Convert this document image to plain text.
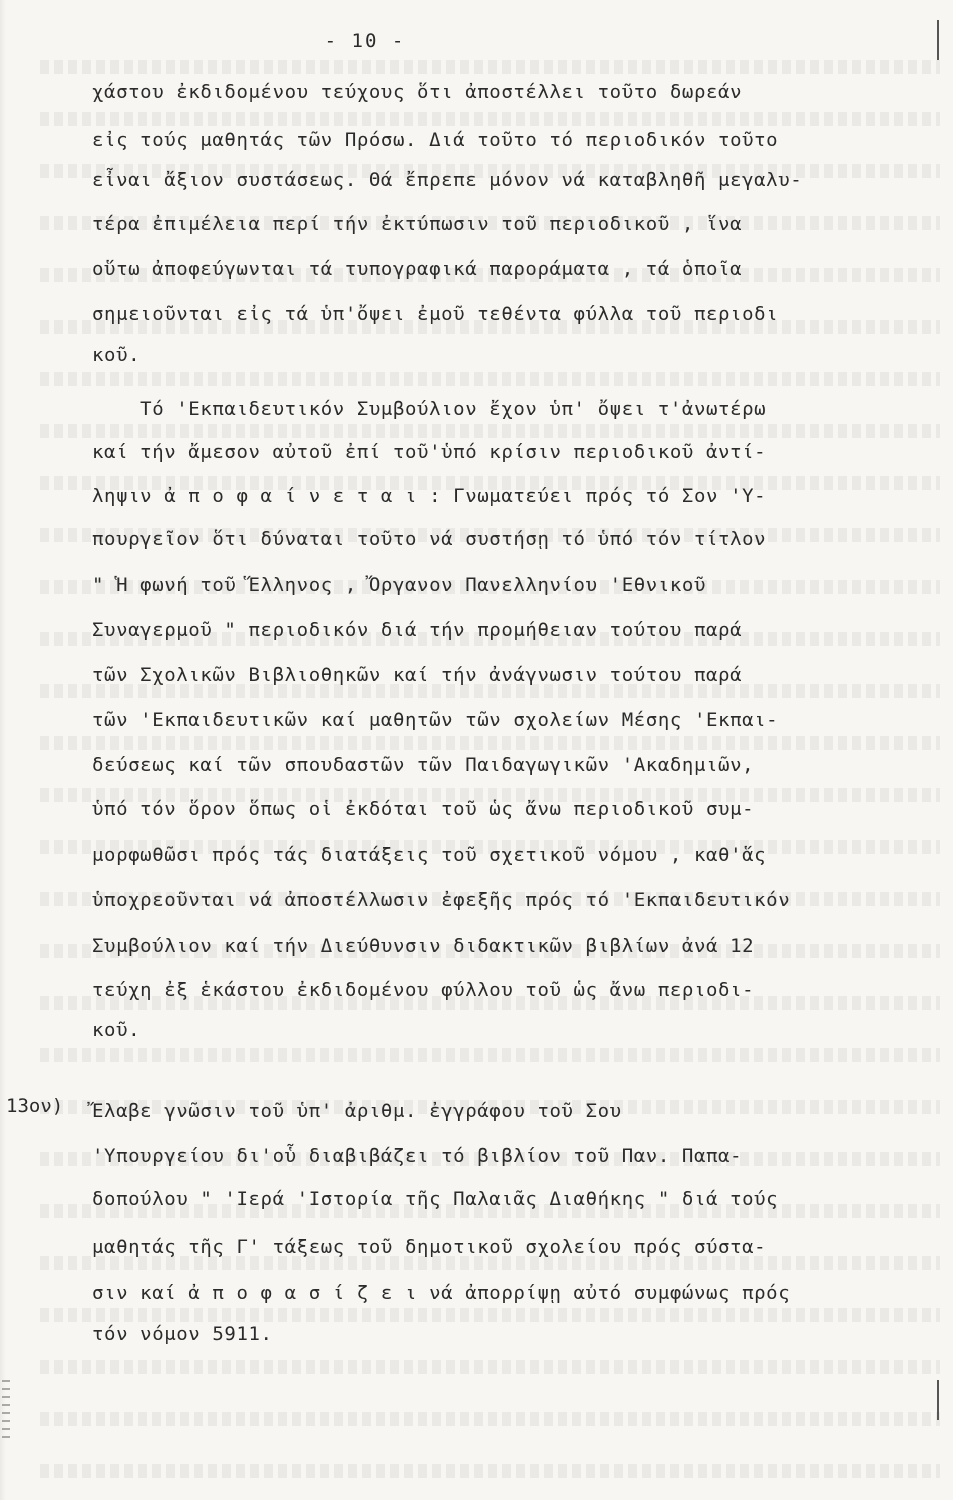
- 10 -
χάστου ἐκδιδομένου τεύχους ὅτι ἀποστέλλει τοῦτο δωρεάν
εἰς τούς μαθητάς τῶν Πρόσω. Διά τοῦτο τό περιοδικόν τοῦτο
εἶναι ἄξιον συστάσεως. Θά ἔπρεπε μόνον νά καταβληθῆ μεγαλυ-
τέρα ἐπιμέλεια περί τήν ἐκτύπωσιν τοῦ περιοδικοῦ , ἵνα
οὕτω ἀποφεύγωνται τά τυπογραφικά παροράματα , τά ὁποῖα
σημειοῦνται εἰς τά ὑπ'ὄψει ἐμοῦ τεθέντα φύλλα τοῦ περιοδι
κοῦ.
Τό 'Εκπαιδευτικόν Συμβούλιον ἔχον ὑπ' ὄψει τ'ἀνωτέρω
καί τήν ἄμεσον αὐτοῦ ἐπί τοῦ'ὑπό κρίσιν περιοδικοῦ ἀντί-
ληψιν ἀ π ο φ α ί ν ε τ α ι : Γνωματεύει πρός τό Σον 'Υ-
πουργεῖον ὅτι δύναται τοῦτο νά συστήσῃ τό ὑπό τόν τίτλον
" Ἡ φωνή τοῦ Ἕλληνος , Ὄργανον Πανελληνίου 'Εθνικοῦ
Συναγερμοῦ " περιοδικόν διά τήν προμήθειαν τούτου παρά
τῶν Σχολικῶν Βιβλιοθηκῶν καί τήν ἀνάγνωσιν τούτου παρά
τῶν 'Εκπαιδευτικῶν καί μαθητῶν τῶν σχολείων Μέσης 'Εκπαι-
δεύσεως καί τῶν σπουδαστῶν τῶν Παιδαγωγικῶν 'Ακαδημιῶν,
ὑπό τόν ὅρον ὅπως οἱ ἐκδόται τοῦ ὡς ἄνω περιοδικοῦ συμ-
μορφωθῶσι πρός τάς διατάξεις τοῦ σχετικοῦ νόμου , καθ'ἅς
ὑποχρεοῦνται νά ἀποστέλλωσιν ἐφεξῆς πρός τό 'Εκπαιδευτικόν
Συμβούλιον καί τήν Διεύθυνσιν διδακτικῶν βιβλίων ἀνά 12
τεύχη ἐξ ἑκάστου ἐκδιδομένου φύλλου τοῦ ὡς ἄνω περιοδι-
κοῦ.
13ον) Ἔλαβε γνῶσιν τοῦ ὑπ' ἀριθμ. ἐγγράφου τοῦ Σου
'Υπουργείου δι'οὗ διαβιβάζει τό βιβλίον τοῦ Παν. Παπα-
δοπούλου " 'Ιερά 'Ιστορία τῆς Παλαιᾶς Διαθήκης " διά τούς
μαθητάς τῆς Γ' τάξεως τοῦ δημοτικοῦ σχολείου πρός σύστα-
σιν καί ἀ π ο φ α σ ί ζ ε ι νά ἀπορρίψῃ αὐτό συμφώνως πρός
τόν νόμον 5911.
